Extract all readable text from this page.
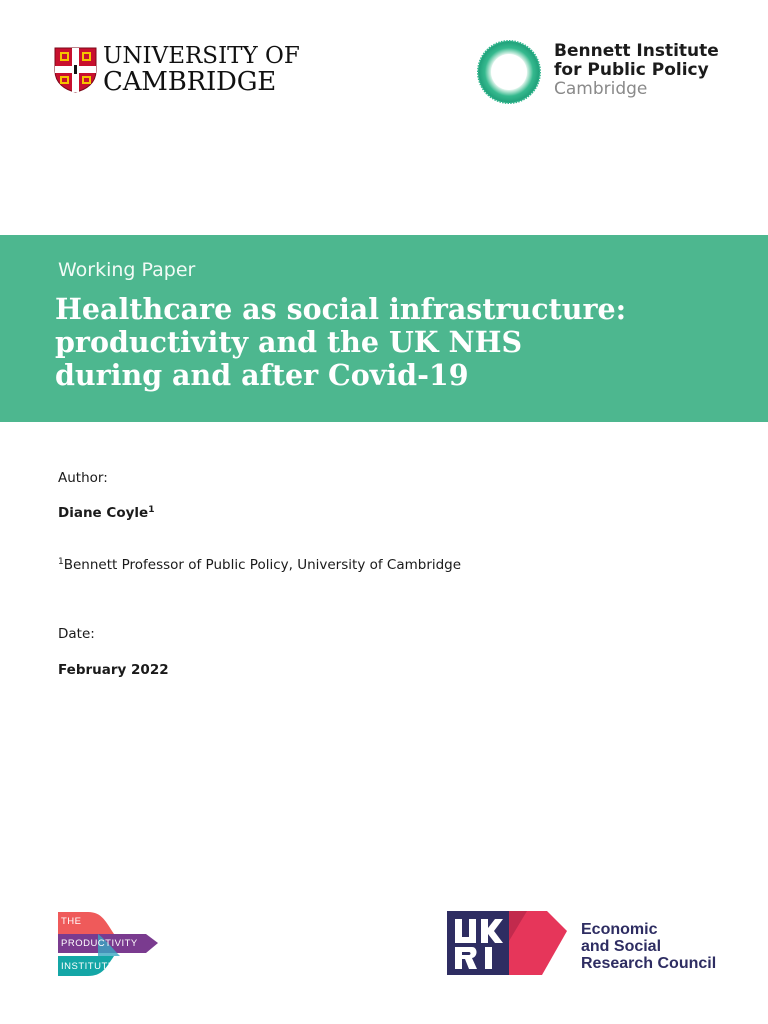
UNIVERSITY OF
CAMBRIDGE
Bennett Institute
for Public Policy
Cambridge
Working Paper
Healthcare as social infrastructure:
productivity and the UK NHS
during and after Covid-19
Author:
Diane Coyle$^1$
$^1$Bennett Professor of Public Policy, University of Cambridge
Date:
February 2022
THE
PRODUCTIVITY
INSTITUTE
Economic
and Social
Research Council
